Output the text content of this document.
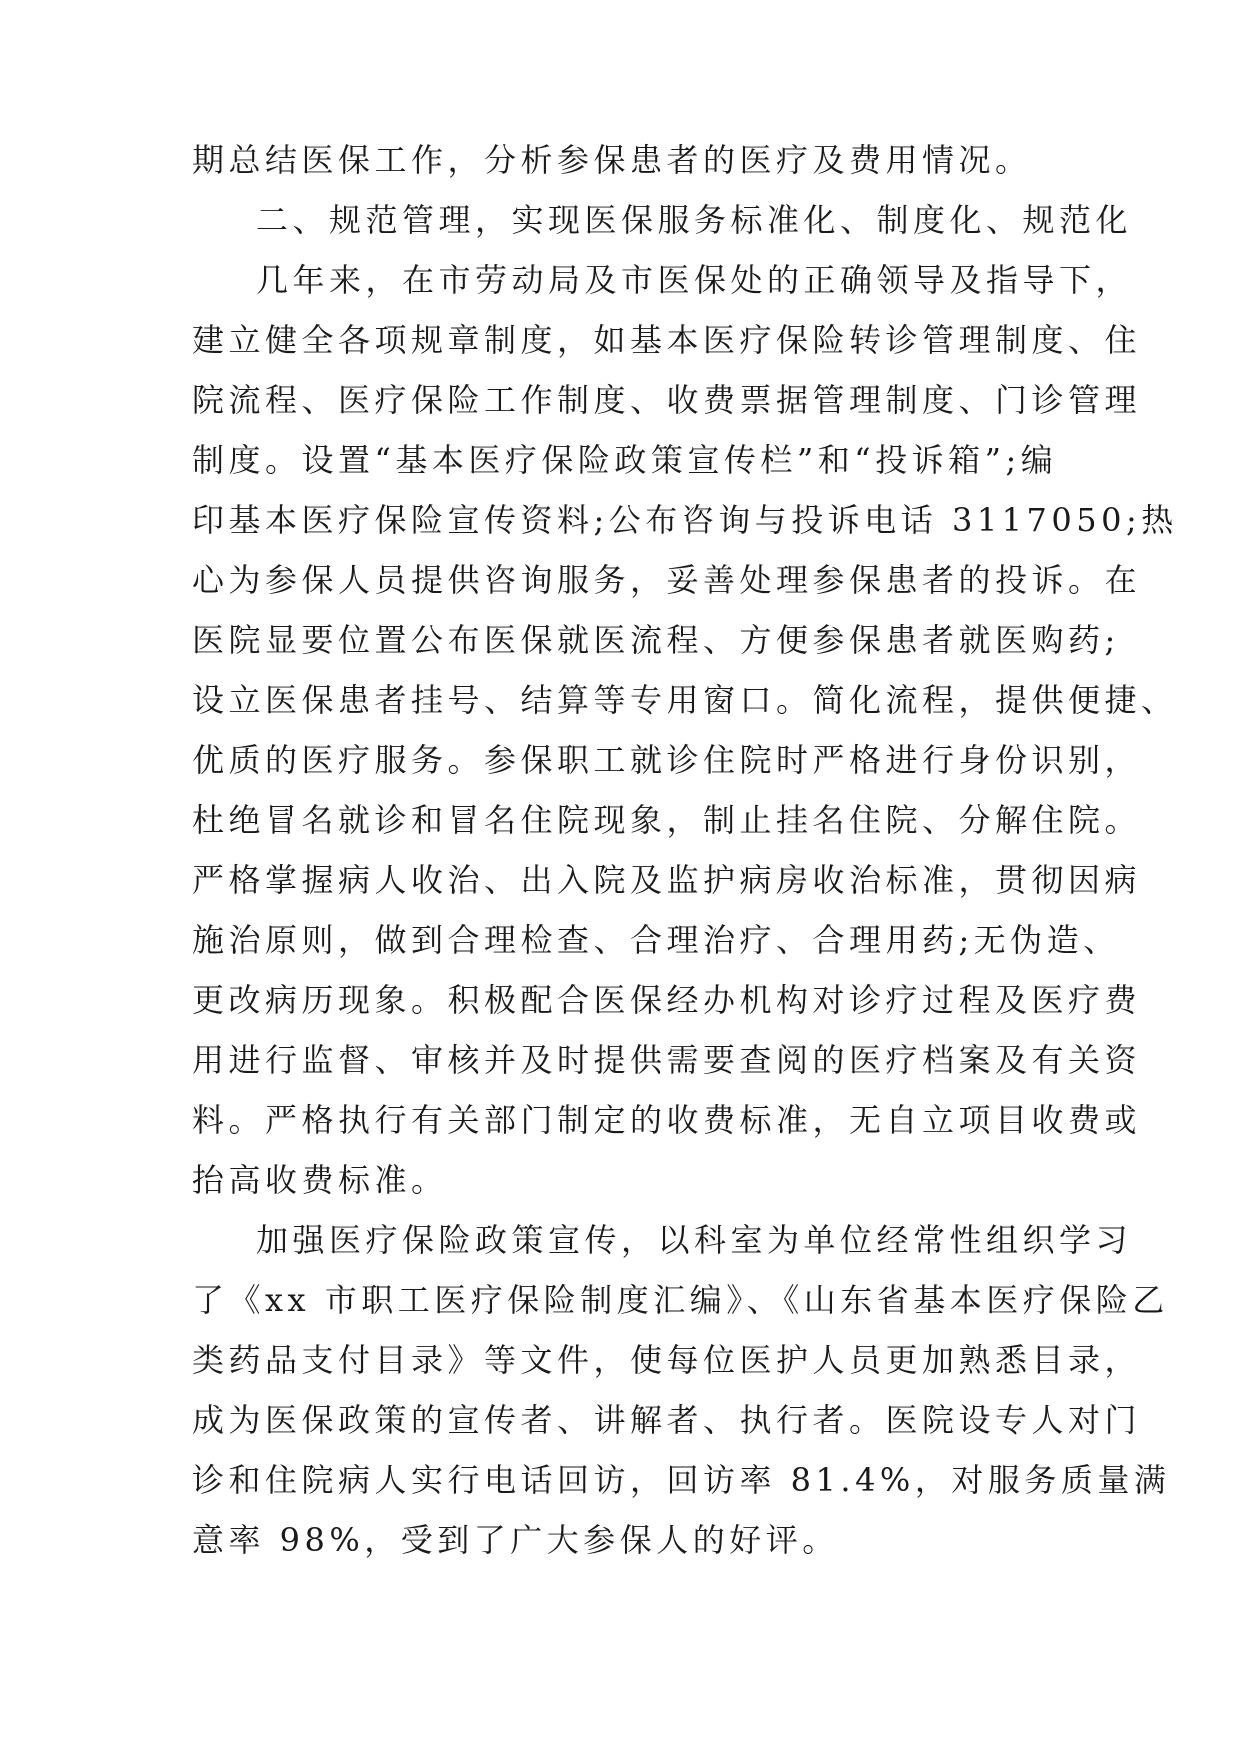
期总结医保工作，分析参保患者的医疗及费用情况。
二、规范管理，实现医保服务标准化、制度化、规范化
几年来，在市劳动局及市医保处的正确领导及指导下，
建立健全各项规章制度，如基本医疗保险转诊管理制度、住
院流程、医疗保险工作制度、收费票据管理制度、门诊管理
制度。设置“基本医疗保险政策宣传栏”和“投诉箱”;编
印基本医疗保险宣传资料;公布咨询与投诉电话 3117050;热
心为参保人员提供咨询服务，妥善处理参保患者的投诉。在
医院显要位置公布医保就医流程、方便参保患者就医购药;
设立医保患者挂号、结算等专用窗口。简化流程，提供便捷、
优质的医疗服务。参保职工就诊住院时严格进行身份识别，
杜绝冒名就诊和冒名住院现象，制止挂名住院、分解住院。
严格掌握病人收治、出入院及监护病房收治标准，贯彻因病
施治原则，做到合理检查、合理治疗、合理用药;无伪造、
更改病历现象。积极配合医保经办机构对诊疗过程及医疗费
用进行监督、审核并及时提供需要查阅的医疗档案及有关资
料。严格执行有关部门制定的收费标准，无自立项目收费或
抬高收费标准。
加强医疗保险政策宣传，以科室为单位经常性组织学习
了《xx 市职工医疗保险制度汇编》、《山东省基本医疗保险乙
类药品支付目录》等文件，使每位医护人员更加熟悉目录，
成为医保政策的宣传者、讲解者、执行者。医院设专人对门
诊和住院病人实行电话回访，回访率 81.4%，对服务质量满
意率 98%，受到了广大参保人的好评。
